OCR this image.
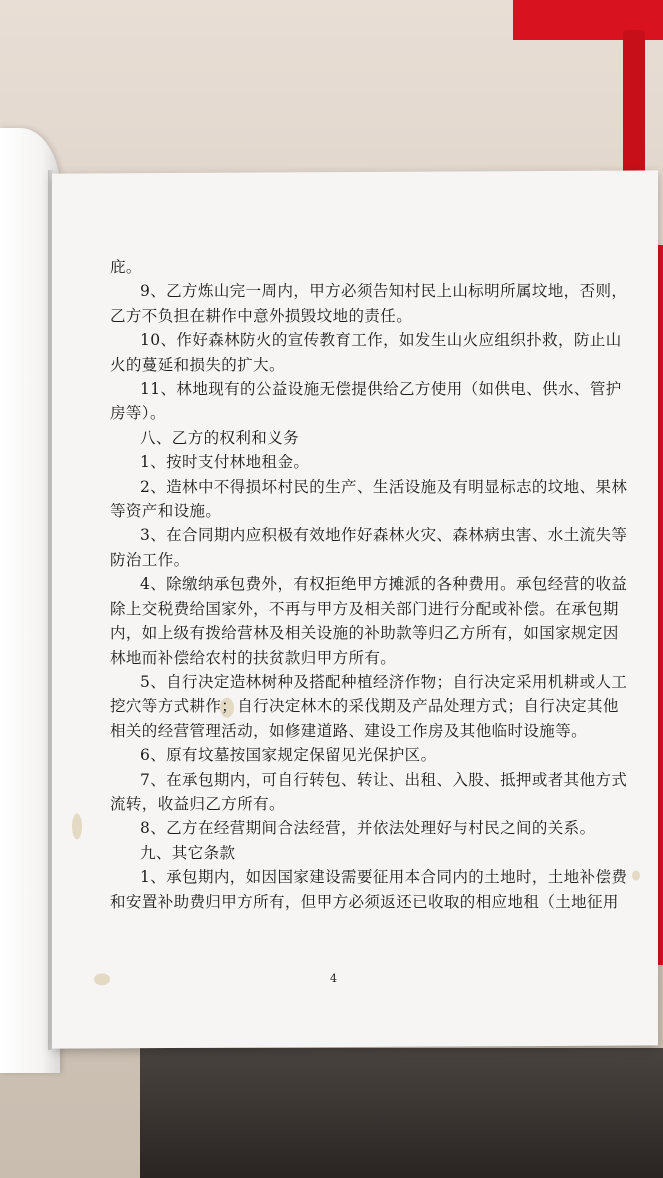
庇。
9、乙方炼山完一周内，甲方必须告知村民上山标明所属坟地，否则，
乙方不负担在耕作中意外损毁坟地的责任。
10、作好森林防火的宣传教育工作，如发生山火应组织扑救，防止山
火的蔓延和损失的扩大。
11、林地现有的公益设施无偿提供给乙方使用（如供电、供水、管护
房等）。
八、乙方的权利和义务
1、按时支付林地租金。
2、造林中不得损坏村民的生产、生活设施及有明显标志的坟地、果林
等资产和设施。
3、在合同期内应积极有效地作好森林火灾、森林病虫害、水土流失等
防治工作。
4、除缴纳承包费外，有权拒绝甲方摊派的各种费用。承包经营的收益
除上交税费给国家外，不再与甲方及相关部门进行分配或补偿。在承包期
内，如上级有拨给营林及相关设施的补助款等归乙方所有，如国家规定因
林地而补偿给农村的扶贫款归甲方所有。
5、自行决定造林树种及搭配种植经济作物；自行决定采用机耕或人工
挖穴等方式耕作；自行决定林木的采伐期及产品处理方式；自行决定其他
相关的经营管理活动，如修建道路、建设工作房及其他临时设施等。
6、原有坟墓按国家规定保留见光保护区。
7、在承包期内，可自行转包、转让、出租、入股、抵押或者其他方式
流转，收益归乙方所有。
8、乙方在经营期间合法经营，并依法处理好与村民之间的关系。
九、其它条款
1、承包期内，如因国家建设需要征用本合同内的土地时，土地补偿费
和安置补助费归甲方所有，但甲方必须返还已收取的相应地租（土地征用
4
